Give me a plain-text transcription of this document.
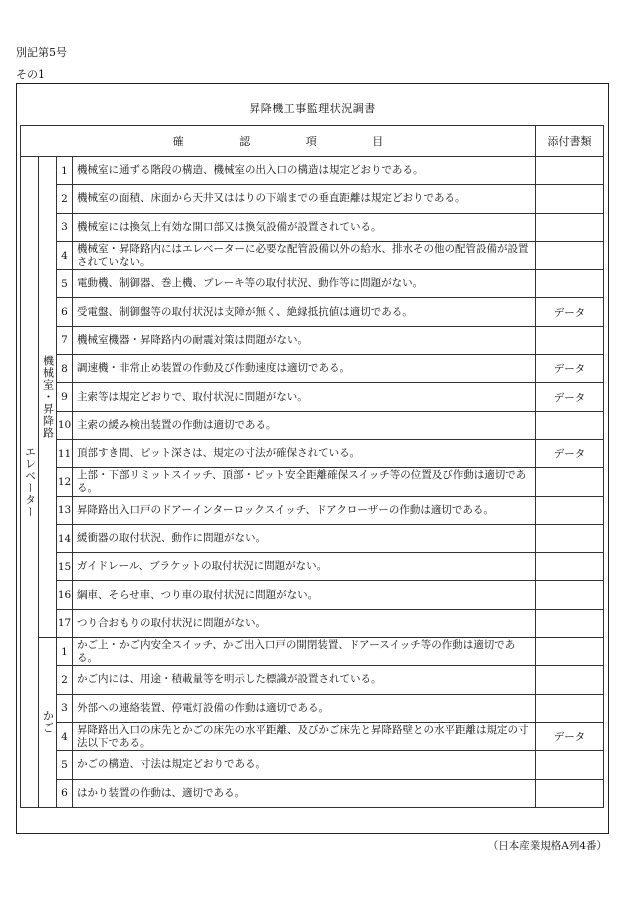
別記第5号
その1
昇降機工事監理状況調書
確 認 項 目				添付書類
エレベーター	機械室・昇降路	1	機械室に通ずる階段の構造、機械室の出入口の構造は規定どおりである。	
		2	機械室の面積、床面から天井又ははりの下端までの垂直距離は規定どおりである。	
		3	機械室には換気上有効な開口部又は換気設備が設置されている。	
		4	機械室・昇降路内にはエレベーターに必要な配管設備以外の給水、排水その他の配管設備が設置されていない。	
		5	電動機、制御器、巻上機、ブレーキ等の取付状況、動作等に問題がない。	
		6	受電盤、制御盤等の取付状況は支障が無く、絶縁抵抗値は適切である。	データ
		7	機械室機器・昇降路内の耐震対策は問題がない。	
		8	調速機・非常止め装置の作動及び作動速度は適切である。	データ
		9	主索等は規定どおりで、取付状況に問題がない。	データ
		10	主索の緩み検出装置の作動は適切である。	
		11	頂部すき間、ピット深さは、規定の寸法が確保されている。	データ
		12	上部・下部リミットスイッチ、頂部・ピット安全距離確保スイッチ等の位置及び作動は適切である。	
		13	昇降路出入口戸のドアーインターロックスイッチ、ドアクローザーの作動は適切である。	
		14	緩衝器の取付状況、動作に問題がない。	
		15	ガイドレール、ブラケットの取付状況に問題がない。	
		16	綱車、そらせ車、つり車の取付状況に問題がない。	
		17	つり合おもりの取付状況に問題がない。	
	かご	1	かご上・かご内安全スイッチ、かご出入口戸の開閉装置、ドアースイッチ等の作動は適切である。	
		2	かご内には、用途・積載量等を明示した標識が設置されている。	
		3	外部への連絡装置、停電灯設備の作動は適切である。	
		4	昇降路出入口の床先とかごの床先の水平距離、及びかご床先と昇降路壁との水平距離は規定の寸法以下である。	データ
		5	かごの構造、寸法は規定どおりである。	
		6	はかり装置の作動は、適切である。	
（日本産業規格A列4番）
